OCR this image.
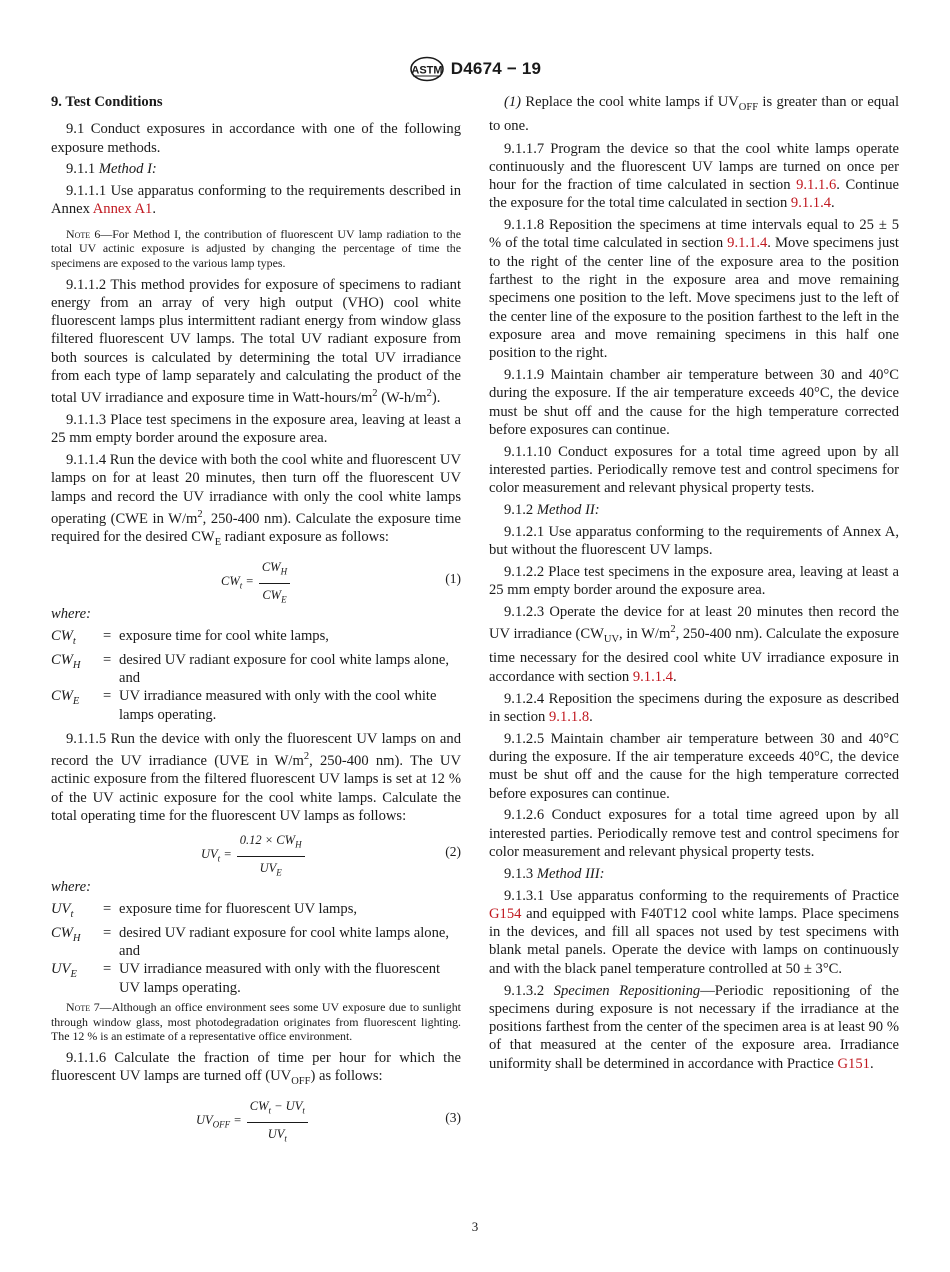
ASTM D4674 − 19
9. Test Conditions

9.1 Conduct exposures in accordance with one of the following exposure methods.

9.1.1 Method I:

9.1.1.1 Use apparatus conforming to the requirements described in Annex Annex A1.

Note 6—For Method I, the contribution of fluorescent UV lamp radiation to the total UV actinic exposure is adjusted by changing the percentage of time the specimens are exposed to the various lamp types.

9.1.1.2 This method provides for exposure of specimens to radiant energy from an array of very high output (VHO) cool white fluorescent lamps plus intermittent radiant energy from window glass filtered fluorescent UV lamps. The total UV radiant exposure from both sources is calculated by determining the total UV irradiance from each type of lamp separately and calculating the product of the total UV irradiance and exposure time in Watt-$hours/m^2$ $(W-h/m^2)$.

9.1.1.3 Place test specimens in the exposure area, leaving at least a 25 mm empty border around the exposure area.

9.1.1.4 Run the device with both the cool white and fluorescent UV lamps on for at least 20 minutes, then turn off the fluorescent UV lamps and record the UV irradiance with only the cool white lamps operating (CWE in $W/m^2$, 250-400 nm). Calculate the exposure time required for the desired $CW_E$ radiant exposure as follows:

$CW_t = \frac{CW_H}{CW_E}$	(1)
where:
$CW_t$	= exposure time for cool white lamps,
$CW_H$	= desired UV radiant exposure for cool white lamps alone, and
$CW_E$	= UV irradiance measured with only with the cool white lamps operating.

9.1.1.5 Run the device with only the fluorescent UV lamps on and record the UV irradiance (UVE in $W/m^2$, 250-400 nm). The UV actinic exposure from the filtered fluorescent UV lamps is set at 12 % of the UV actinic exposure for the cool white lamps. Calculate the total operating time for the fluorescent UV lamps as follows:

$UV_t = \frac{0.12 \times CW_H}{UV_E}$	(2)
where:
$UV_t$	= exposure time for fluorescent UV lamps,
$CW_H$	= desired UV radiant exposure for cool white lamps alone, and
$UV_E$	= UV irradiance measured with only with the fluorescent UV lamps operating.
Note 7—Although an office environment sees some UV exposure due to sunlight through window glass, most photodegradation originates from fluorescent lighting. The 12 % is an estimate of a representative office environment.

9.1.1.6 Calculate the fraction of time per hour for which the fluorescent UV lamps are turned off $(UV_{OFF})$ as follows:

$UV_{OFF} = \frac{CW_t - UV_t}{UV_t}$	(3)

(1) Replace the cool white lamps if $UV_{OFF}$ is greater than or equal to one.

9.1.1.7 Program the device so that the cool white lamps operate continuously and the fluorescent UV lamps are turned on once per hour for the fraction of time calculated in section 9.1.1.6. Continue the exposure for the total time calculated in section 9.1.1.4.

9.1.1.8 Reposition the specimens at time intervals equal to 25 ± 5 % of the total time calculated in section 9.1.1.4. Move specimens just to the right of the center line of the exposure area to the position farthest to the right in the exposure area and move remaining specimens one position to the left. Move specimens just to the left of the center line of the exposure to the position farthest to the left in the exposure area and move remaining specimens in this half one position to the right.

9.1.1.9 Maintain chamber air temperature between 30 and 40°C during the exposure. If the air temperature exceeds 40°C, the device must be shut off and the cause for the high temperature corrected before exposures can continue.

9.1.1.10 Conduct exposures for a total time agreed upon by all interested parties. Periodically remove test and control specimens for color measurement and relevant physical property tests.

9.1.2 Method II:

9.1.2.1 Use apparatus conforming to the requirements of Annex A, but without the fluorescent UV lamps.

9.1.2.2 Place test specimens in the exposure area, leaving at least a 25 mm empty border around the exposure area.

9.1.2.3 Operate the device for at least 20 minutes then record the UV irradiance ($CW_{UV}$, in $W/m^2$, 250-400 nm). Calculate the exposure time necessary for the desired cool white UV irradiance exposure in accordance with section 9.1.1.4.

9.1.2.4 Reposition the specimens during the exposure as described in section 9.1.1.8.

9.1.2.5 Maintain chamber air temperature between 30 and 40°C during the exposure. If the air temperature exceeds 40°C, the device must be shut off and the cause for the high temperature corrected before exposures can continue.

9.1.2.6 Conduct exposures for a total time agreed upon by all interested parties. Periodically remove test and control specimens for color measurement and relevant physical property tests.

9.1.3 Method III:

9.1.3.1 Use apparatus conforming to the requirements of Practice G154 and equipped with F40T12 cool white lamps. Place specimens in the devices, and fill all spaces not used by test specimens with blank metal panels. Operate the device with lamps on continuously and with the black panel temperature controlled at 50 ± 3°C.

9.1.3.2 Specimen Repositioning—Periodic repositioning of the specimens during exposure is not necessary if the irradiance at the positions farthest from the center of the specimen area is at least 90 % of that measured at the center of the exposure area. Irradiance uniformity shall be determined in accordance with Practice G151.

3
